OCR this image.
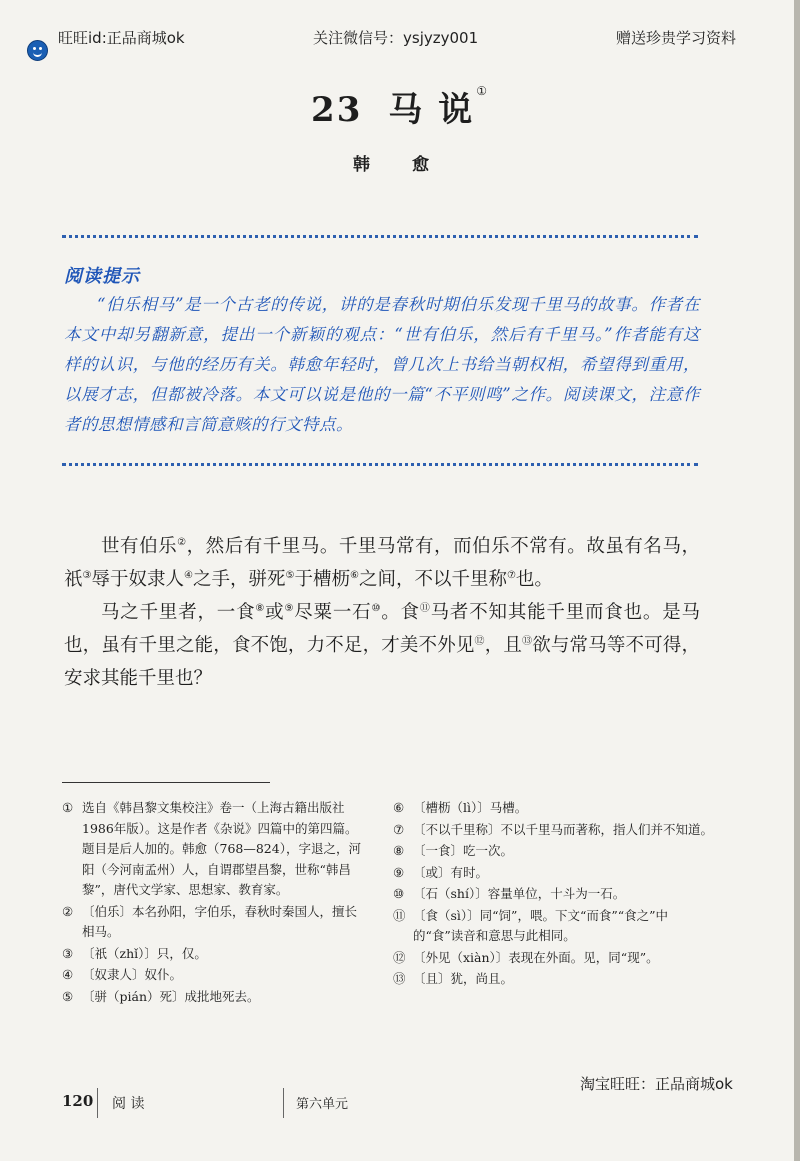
旺旺id:正品商城ok	关注微信号：ysjyzy001	赠送珍贵学习资料
23 马 说 ①
韩 愈
阅读提示

“伯乐相马”是一个古老的传说，讲的是春秋时期伯乐发现千里马的故事。作者在本文中却另翻新意，提出一个新颖的观点：“世有伯乐，然后有千里马。”作者能有这样的认识，与他的经历有关。韩愈年轻时，曾几次上书给当朝权相，希望得到重用，以展才志，但都被冷落。本文可以说是他的一篇“不平则鸣”之作。阅读课文，注意作者的思想情感和言简意赅的行文特点。

世有伯乐②，然后有千里马。千里马常有，而伯乐不常有。故虽有名马，祇③辱于奴隶人④之手，骈死⑤于槽枥⑥之间，不以千里称⑦也。

马之千里者，一食⑧或⑨尽粟一石⑩。食⑪马者不知其能千里而食也。是马也，虽有千里之能，食不饱，力不足，才美不外见⑫，且⑬欲与常马等不可得，安求其能千里也？

① 选自《韩昌黎文集校注》卷一（上海古籍出版社1986年版）。这是作者《杂说》四篇中的第四篇。题目是后人加的。韩愈（768—824），字退之，河阳（今河南孟州）人，自谓郡望昌黎，世称“韩昌黎”，唐代文学家、思想家、教育家。
② 〔伯乐〕本名孙阳，字伯乐，春秋时秦国人，擅长相马。
③ 〔祇（zhǐ）〕只，仅。
④ 〔奴隶人〕奴仆。
⑤ 〔骈（pián）死〕成批地死去。
⑥ 〔槽枥（lì）〕马槽。
⑦ 〔不以千里称〕不以千里马而著称，指人们并不知道。
⑧ 〔一食〕吃一次。
⑨ 〔或〕有时。
⑩ 〔石（shí）〕容量单位，十斗为一石。
⑪ 〔食（sì）〕同“饲”，喂。下文“而食”“食之”中的“食”读音和意思与此相同。
⑫ 〔外见（xiàn）〕表现在外面。见，同“现”。
⑬ 〔且〕犹，尚且。
淘宝旺旺：正品商城ok
120 阅 读	第六单元
